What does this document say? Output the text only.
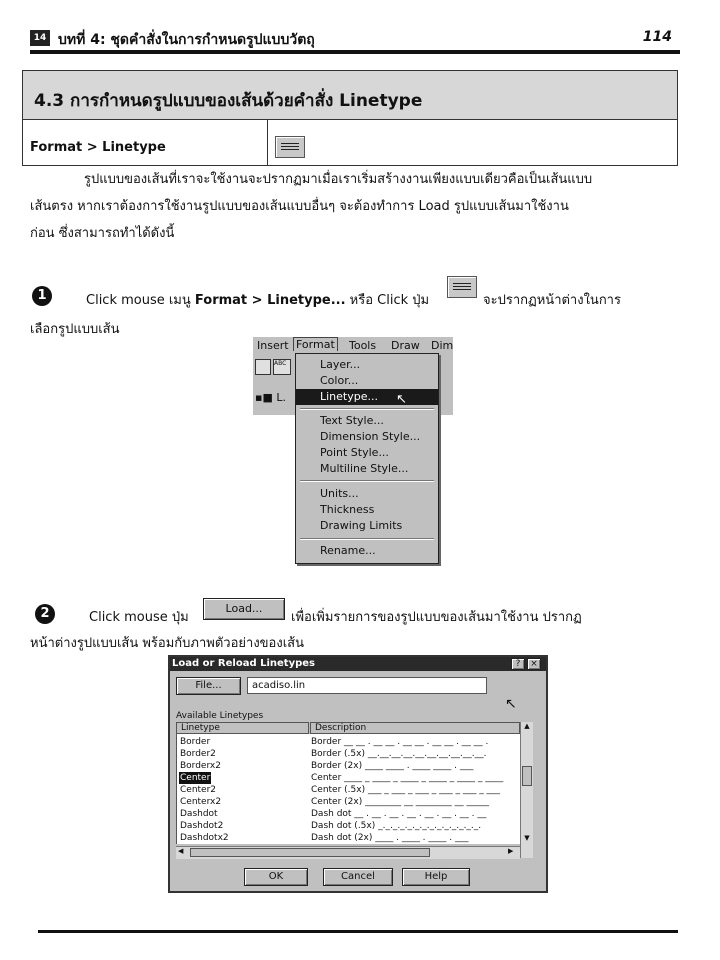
14 บทที่ 4: ชุดคำสั่งในการกำหนดรูปแบบวัตถุ	114
4.3 การกำหนดรูปแบบของเส้นด้วยคำสั่ง Linetype
Format > Linetype
รูปแบบของเส้นที่เราจะใช้งานจะปรากฏมาเมื่อเราเริ่มสร้างงานเพียงแบบเดียวคือเป็นเส้นแบบ
เส้นตรง หากเราต้องการใช้งานรูปแบบของเส้นแบบอื่นๆ จะต้องทำการ Load รูปแบบเส้นมาใช้งาน
ก่อน ซึ่งสามารถทำได้ดังนี้
1	Click mouse เมนู Format > Linetype... หรือ Click ปุ่ม	จะปรากฏหน้าต่างในการ
เลือกรูปแบบเส้น
Insert Format Tools Draw Dim
ABC
▪■ L.
Layer...
Color...
Linetype...	↖
Text Style...
Dimension Style...
Point Style...
Multiline Style...
Units...
Thickness
Drawing Limits
Rename...
2	Click mouse ปุ่ม
Load...
เพื่อเพิ่มรายการของรูปแบบของเส้นมาใช้งาน ปรากฏ
หน้าต่างรูปแบบเส้น พร้อมกับภาพตัวอย่างของเส้น
Load or Reload Linetypes	?	×
File...	acadiso.lin
↖
Available Linetypes
Linetype	Description
Border	Border __ __ . __ __ . __ __ . __ __ . __ __ .
Border2	Border (.5x) __.__.__.__.__.__.__.__.__.__.
Borderx2	Border (2x) ____ ____ . ____ ____ . ___
Center	Center ____ _ ____ _ ____ _ ____ _ ____ _ ____
Center2	Center (.5x) ___ _ ___ _ ___ _ ___ _ ___ _ ___
Centerx2	Center (2x) ________ __ ________ __ _____
Dashdot	Dash dot __ . __ . __ . __ . __ . __ . __ . __
Dashdot2	Dash dot (.5x) _._._._._._._._._._._._._._.
Dashdotx2	Dash dot (2x) ____ . ____ . ____ . ___
▲
▼
◀	▶
OK	Cancel	Help
